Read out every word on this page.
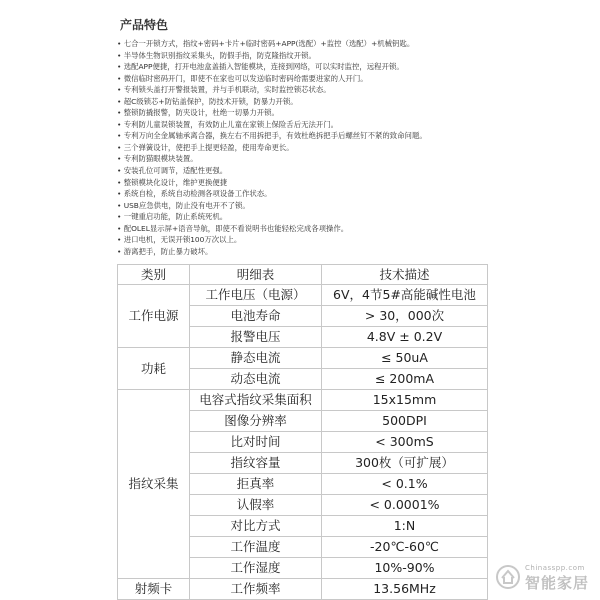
产品特色
• 七合一开锁方式，指纹+密码+卡片+临时密码+APP(选配）+监控（选配）+机械钥匙。
• 半导体生物识别指纹采集头，防假手指，防克隆指纹开锁。
• 选配APP便捷，打开电池盒盖插入智能模块，连接到网络，可以实时监控，远程开锁。
• 微信临时密码开门，即使不在家也可以发送临时密码给需要进家的人开门。
• 专利锁头盖打开警报装置，并与手机联动，实时监控锁芯状态。
• 超C级锁芯+防钻盖保护，防技术开锁，防暴力开锁。
• 整锁防撬报警，防夹设计，杜绝一切暴力开锁。
• 专利防儿童误锁装置，有效防止儿童在家锁上保险舌后无法开门。
• 专利万向全金属轴承离合器，换左右不用拆把手，有效杜绝拆把手后螺丝钉不紧的致命问题。
• 三个弹簧设计，使把手上提更轻盈，使用寿命更长。
• 专利防猫眼模块装置。
• 安装孔位可调节，适配性更强。
• 整锁模块化设计，维护更换便捷
• 系统自检，系统自动检测各项设备工作状态。
• USB应急供电，防止没有电开不了锁。
• 一键重启功能，防止系统死机。
• 配OLEL显示屏+语音导航，即使不看说明书也能轻松完成各项操作。
• 进口电机，无误开锁100万次以上。
• 游离把手，防止暴力破坏。
类别	明细表	技术描述
工作电源	工作电压（电源）	6V，4节5#高能碱性电池
	电池寿命	> 30，000次
	报警电压	4.8V ± 0.2V
功耗	静态电流	≤ 50uA
	动态电流	≤ 200mA
指纹采集	电容式指纹采集面积	15x15mm
	图像分辨率	500DPI
	比对时间	< 300mS
	指纹容量	300枚（可扩展）
	拒真率	< 0.1%
	认假率	< 0.0001%
	对比方式	1:N
	工作温度	-20℃-60℃
	工作湿度	10%-90%
射频卡	工作频率	13.56MHz
Chinasspp.com
智能家居
